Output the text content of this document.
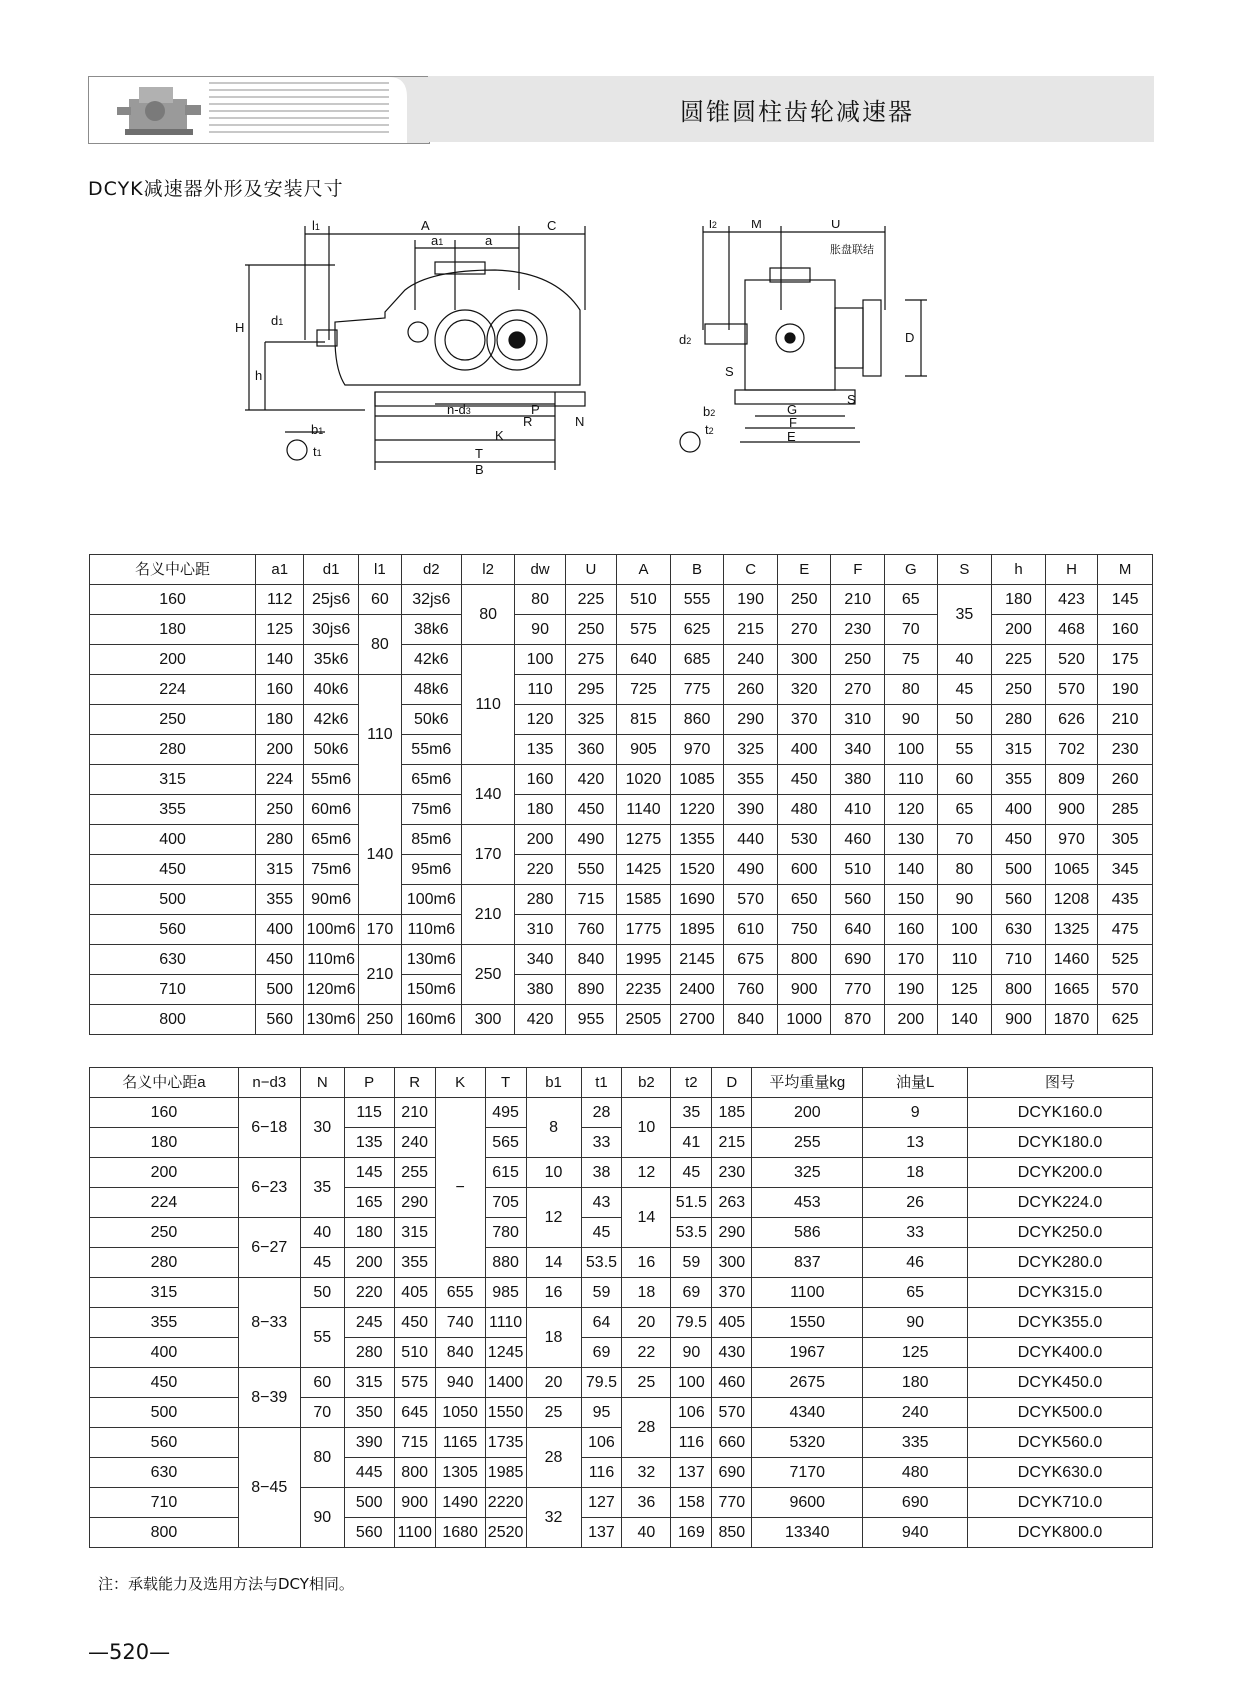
圆锥圆柱齿轮减速器
DCYK减速器外形及安装尺寸
l1	A	C
a1	a
d1
H
h
n-d3	P
R	N
K
T
B
b1
t1
l2	M	U
胀盘联结
d2	D
S
G
F
E
S
b2
t2
名义中心距	a1	d1	l1	d2	l2	dw	U	A	B	C	E	F	G	S	h	H	M
160	112	25js6	60	32js6	80	80	225	510	555	190	250	210	65	35	180	423	145
180	125	30js6	80	38k6		90	250	575	625	215	270	230	70		200	468	160
200	140	35k6		42k6	110	100	275	640	685	240	300	250	75	40	225	520	175
224	160	40k6	110	48k6		110	295	725	775	260	320	270	80	45	250	570	190
250	180	42k6		50k6		120	325	815	860	290	370	310	90	50	280	626	210
280	200	50k6		55m6		135	360	905	970	325	400	340	100	55	315	702	230
315	224	55m6		65m6	140	160	420	1020	1085	355	450	380	110	60	355	809	260
355	250	60m6	140	75m6		180	450	1140	1220	390	480	410	120	65	400	900	285
400	280	65m6		85m6	170	200	490	1275	1355	440	530	460	130	70	450	970	305
450	315	75m6		95m6		220	550	1425	1520	490	600	510	140	80	500	1065	345
500	355	90m6		100m6	210	280	715	1585	1690	570	650	560	150	90	560	1208	435
560	400	100m6	170	110m6		310	760	1775	1895	610	750	640	160	100	630	1325	475
630	450	110m6	210	130m6	250	340	840	1995	2145	675	800	690	170	110	710	1460	525
710	500	120m6		150m6		380	890	2235	2400	760	900	770	190	125	800	1665	570
800	560	130m6	250	160m6	300	420	955	2505	2700	840	1000	870	200	140	900	1870	625
名义中心距a	n−d3	N	P	R	K	T	b1	t1	b2	t2	D	平均重量kg	油量L	图号
160	6−18	30	115	210	−	495	8	28	10	35	185	200	9	DCYK160.0
180			135	240		565		33		41	215	255	13	DCYK180.0
200	6−23	35	145	255		615	10	38	12	45	230	325	18	DCYK200.0
224			165	290		705	12	43	14	51.5	263	453	26	DCYK224.0
250	6−27	40	180	315		780		45		53.5	290	586	33	DCYK250.0
280		45	200	355		880	14	53.5	16	59	300	837	46	DCYK280.0
315	8−33	50	220	405	655	985	16	59	18	69	370	1100	65	DCYK315.0
355		55	245	450	740	1110	18	64	20	79.5	405	1550	90	DCYK355.0
400			280	510	840	1245		69	22	90	430	1967	125	DCYK400.0
450	8−39	60	315	575	940	1400	20	79.5	25	100	460	2675	180	DCYK450.0
500		70	350	645	1050	1550	25	95	28	106	570	4340	240	DCYK500.0
560	8−45	80	390	715	1165	1735	28	106		116	660	5320	335	DCYK560.0
630			445	800	1305	1985		116	32	137	690	7170	480	DCYK630.0
710		90	500	900	1490	2220	32	127	36	158	770	9600	690	DCYK710.0
800			560	1100	1680	2520		137	40	169	850	13340	940	DCYK800.0
注：承载能力及选用方法与DCY相同。
—520—
